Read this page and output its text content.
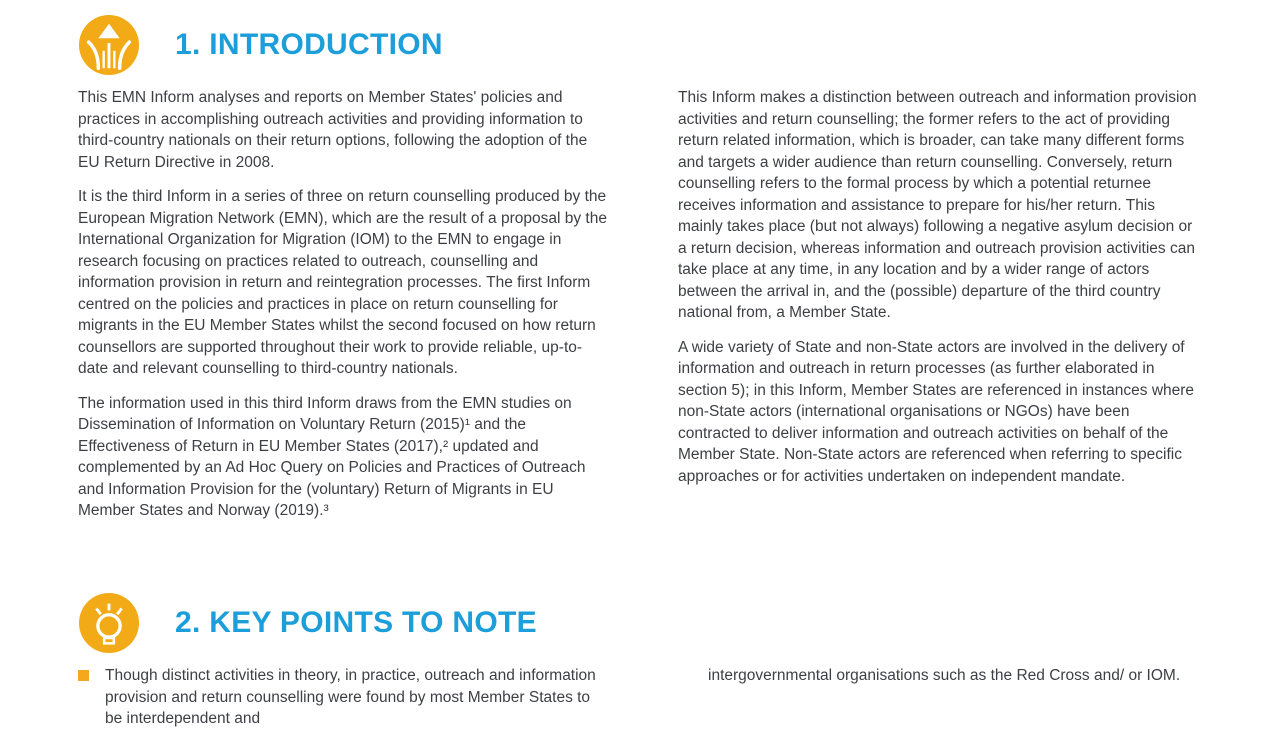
1. INTRODUCTION

This EMN Inform analyses and reports on Member States' policies and practices in accomplishing outreach activities and providing information to third-country nationals on their return options, following the adoption of the EU Return Directive in 2008.

It is the third Inform in a series of three on return counselling produced by the European Migration Network (EMN), which are the result of a proposal by the International Organization for Migration (IOM) to the EMN to engage in research focusing on practices related to outreach, counselling and information provision in return and reintegration processes. The first Inform centred on the policies and practices in place on return counselling for migrants in the EU Member States whilst the second focused on how return counsellors are supported throughout their work to provide reliable, up-to-date and relevant counselling to third-country nationals.

The information used in this third Inform draws from the EMN studies on Dissemination of Information on Voluntary Return (2015)¹ and the Effectiveness of Return in EU Member States (2017),² updated and complemented by an Ad Hoc Query on Policies and Practices of Outreach and Information Provision for the (voluntary) Return of Migrants in EU Member States and Norway (2019).³

This Inform makes a distinction between outreach and information provision activities and return counselling; the former refers to the act of providing return related information, which is broader, can take many different forms and targets a wider audience than return counselling. Conversely, return counselling refers to the formal process by which a potential returnee receives information and assistance to prepare for his/her return. This mainly takes place (but not always) following a negative asylum decision or a return decision, whereas information and outreach provision activities can take place at any time, in any location and by a wider range of actors between the arrival in, and the (possible) departure of the third country national from, a Member State.

A wide variety of State and non-State actors are involved in the delivery of information and outreach in return processes (as further elaborated in section 5); in this Inform, Member States are referenced in instances where non-State actors (international organisations or NGOs) have been contracted to deliver information and outreach activities on behalf of the Member State. Non-State actors are referenced when referring to specific approaches or for activities undertaken on independent mandate.

2. KEY POINTS TO NOTE

Though distinct activities in theory, in practice, outreach and information provision and return counselling were found by most Member States to be interdependent and

intergovernmental organisations such as the Red Cross and/ or IOM.
